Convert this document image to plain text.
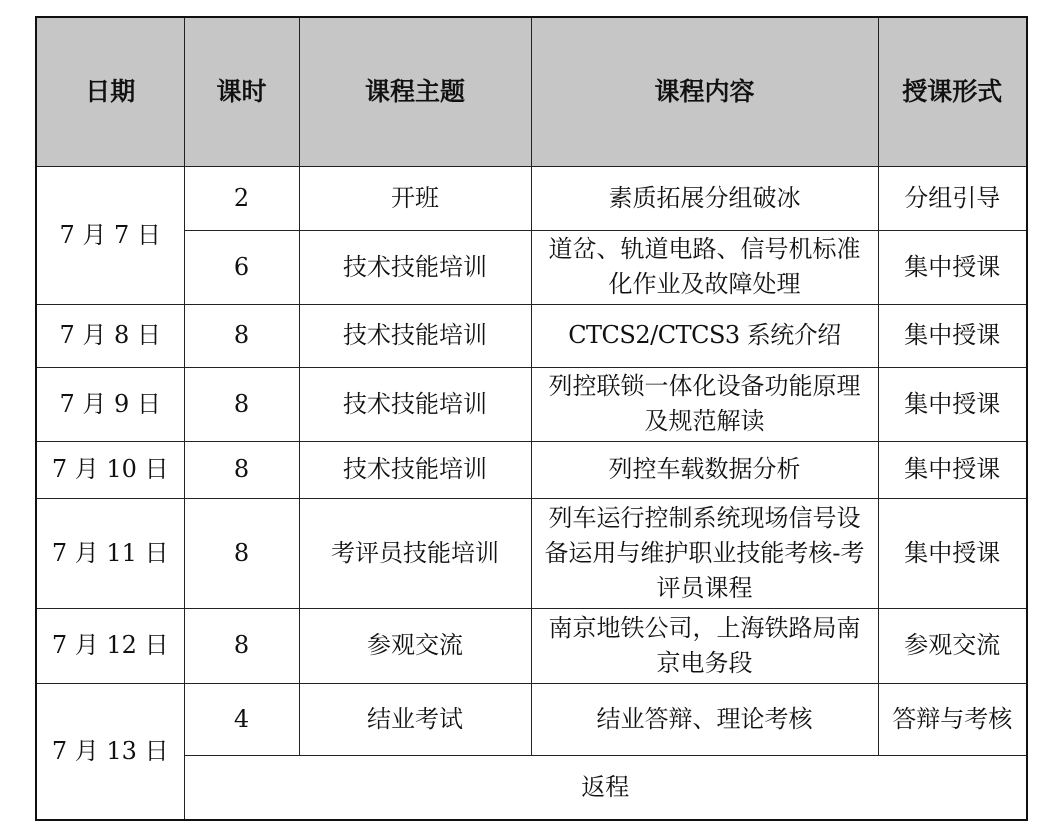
日期	课时	课程主题	课程内容	授课形式
7 月 7 日	2	开班	素质拓展分组破冰	分组引导
	6	技术技能培训	道岔、轨道电路、信号机标准化作业及故障处理	集中授课
7 月 8 日	8	技术技能培训	CTCS2/CTCS3 系统介绍	集中授课
7 月 9 日	8	技术技能培训	列控联锁一体化设备功能原理及规范解读	集中授课
7 月 10 日	8	技术技能培训	列控车载数据分析	集中授课
7 月 11 日	8	考评员技能培训	列车运行控制系统现场信号设备运用与维护职业技能考核-考评员课程	集中授课
7 月 12 日	8	参观交流	南京地铁公司，上海铁路局南京电务段	参观交流
7 月 13 日	4	结业考试	结业答辩、理论考核	答辩与考核
	返程			
